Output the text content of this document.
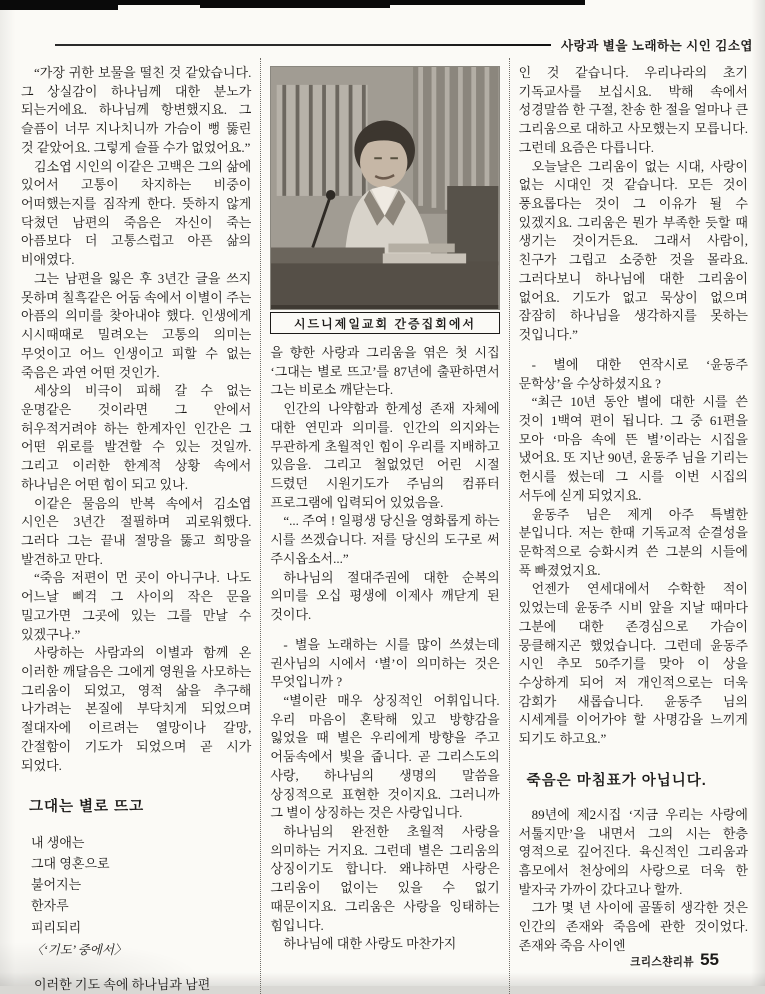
사랑과 별을 노래하는 시인 김소엽

“가장 귀한 보물을 떨친 것 같았습니다. 그 상실감이 하나님께 대한 분노가 되는거에요. 하나님께 항변했지요. 그 슬픔이 너무 지나치니까 가슴이 뻥 뚫린 것 같았어요. 그렇게 슬플 수가 없었어요.”

김소엽 시인의 이같은 고백은 그의 삶에 있어서 고통이 차지하는 비중이 어떠했는지를 짐작케 한다. 뜻하지 않게 닥쳤던 남편의 죽음은 자신이 죽는 아픔보다 더 고통스럽고 아픈 삶의 비애였다.

그는 남편을 잃은 후 3년간 글을 쓰지 못하며 칠흑같은 어둠 속에서 이별이 주는 아픔의 의미를 찾아내야 했다. 인생에게 시시때때로 밀려오는 고통의 의미는 무엇이고 어느 인생이고 피할 수 없는 죽음은 과연 어떤 것인가.

세상의 비극이 피해 갈 수 없는 운명같은 것이라면 그 안에서 허우적거려야 하는 한계자인 인간은 그 어떤 위로를 발견할 수 있는 것일까. 그리고 이러한 한계적 상황 속에서 하나님은 어떤 힘이 되고 있나.

이같은 물음의 반복 속에서 김소엽 시인은 3년간 절필하며 괴로워했다. 그러다 그는 끝내 절망을 뚫고 희망을 발견하고 만다.

“죽음 저편이 먼 곳이 아니구나. 나도 어느날 삐걱 그 사이의 작은 문을 밀고가면 그곳에 있는 그를 만날 수 있겠구나.”

사랑하는 사람과의 이별과 함께 온 이러한 깨달음은 그에게 영원을 사모하는 그리움이 되었고, 영적 삶을 추구해 나가려는 본질에 부닥치게 되었으며 절대자에 이르려는 열망이나 갈망, 간절함이 기도가 되었으며 곧 시가 되었다.

그대는 별로 뜨고
내 생애는
그대 영혼으로
불어지는
한자루
피리되리
〈‘기도’ 중에서〉

이러한 기도 속에 하나님과 남편

시드니제일교회 간증집회에서

을 향한 사랑과 그리움을 엮은 첫 시집 ‘그대는 별로 뜨고’를 87년에 출판하면서 그는 비로소 깨닫는다.

인간의 나약함과 한계성 존재 자체에 대한 연민과 의미를. 인간의 의지와는 무관하게 초월적인 힘이 우리를 지배하고 있음을. 그리고 철없었던 어린 시절 드렸던 시원기도가 주님의 컴퓨터 프로그램에 입력되어 있었음을.

“... 주여 ! 일평생 당신을 영화롭게 하는 시를 쓰겠습니다. 저를 당신의 도구로 써 주시옵소서...”

하나님의 절대주권에 대한 순복의 의미를 오십 평생에 이제사 깨닫게 된 것이다.

- 별을 노래하는 시를 많이 쓰셨는데 권사님의 시에서 ‘별’이 의미하는 것은 무엇입니까 ?

“별이란 매우 상징적인 어휘입니다. 우리 마음이 혼탁해 있고 방향감을 잃었을 때 별은 우리에게 방향을 주고 어둠속에서 빛을 줍니다. 곧 그리스도의 사랑, 하나님의 생명의 말씀을 상징적으로 표현한 것이지요. 그러니까 그 별이 상징하는 것은 사랑입니다.

하나님의 완전한 초월적 사랑을 의미하는 거지요. 그런데 별은 그리움의 상징이기도 합니다. 왜냐하면 사랑은 그리움이 없이는 있을 수 없기 때문이지요. 그리움은 사랑을 잉태하는 힘입니다.

하나님에 대한 사랑도 마찬가지

인 것 같습니다. 우리나라의 초기 기독교사를 보십시요. 박해 속에서 성경말씀 한 구절, 찬송 한 절을 얼마나 큰 그리움으로 대하고 사모했는지 모릅니다. 그런데 요즘은 다릅니다.

오늘날은 그리움이 없는 시대, 사랑이 없는 시대인 것 같습니다. 모든 것이 풍요롭다는 것이 그 이유가 될 수 있겠지요. 그리움은 뭔가 부족한 듯할 때 생기는 것이거든요. 그래서 사람이, 친구가 그립고 소중한 것을 몰라요. 그러다보니 하나님에 대한 그리움이 없어요. 기도가 없고 묵상이 없으며 잠잠히 하나님을 생각하지를 못하는 것입니다.”

- 별에 대한 연작시로 ‘윤동주 문학상’을 수상하셨지요 ?

“최근 10년 동안 별에 대한 시를 쓴 것이 1백여 편이 됩니다. 그 중 61편을 모아 ‘마음 속에 뜬 별’이라는 시집을 냈어요. 또 지난 90년, 윤동주 님을 기리는 헌시를 썼는데 그 시를 이번 시집의 서두에 싣게 되었지요.

윤동주 님은 제게 아주 특별한 분입니다. 저는 한때 기독교적 순결성을 문학적으로 승화시켜 쓴 그분의 시들에 푹 빠졌었지요.

언젠가 연세대에서 수학한 적이 있었는데 윤동주 시비 앞을 지날 때마다 그분에 대한 존경심으로 가슴이 뭉클해지곤 했었습니다. 그런데 윤동주 시인 추모 50주기를 맞아 이 상을 수상하게 되어 저 개인적으로는 더욱 감회가 새롭습니다. 윤동주 님의 시세계를 이어가야 할 사명감을 느끼게 되기도 하고요.”

죽음은 마침표가 아닙니다.

89년에 제2시집 ‘지금 우리는 사랑에 서툴지만’을 내면서 그의 시는 한층 영적으로 깊어진다. 육신적인 그리움과 흠모에서 천상에의 사랑으로 더욱 한 발자국 가까이 갔다고나 할까.

그가 몇 년 사이에 골똘히 생각한 것은 인간의 존재와 죽음에 관한 것이었다. 존재와 죽음 사이엔

크리스챤리뷰 55
